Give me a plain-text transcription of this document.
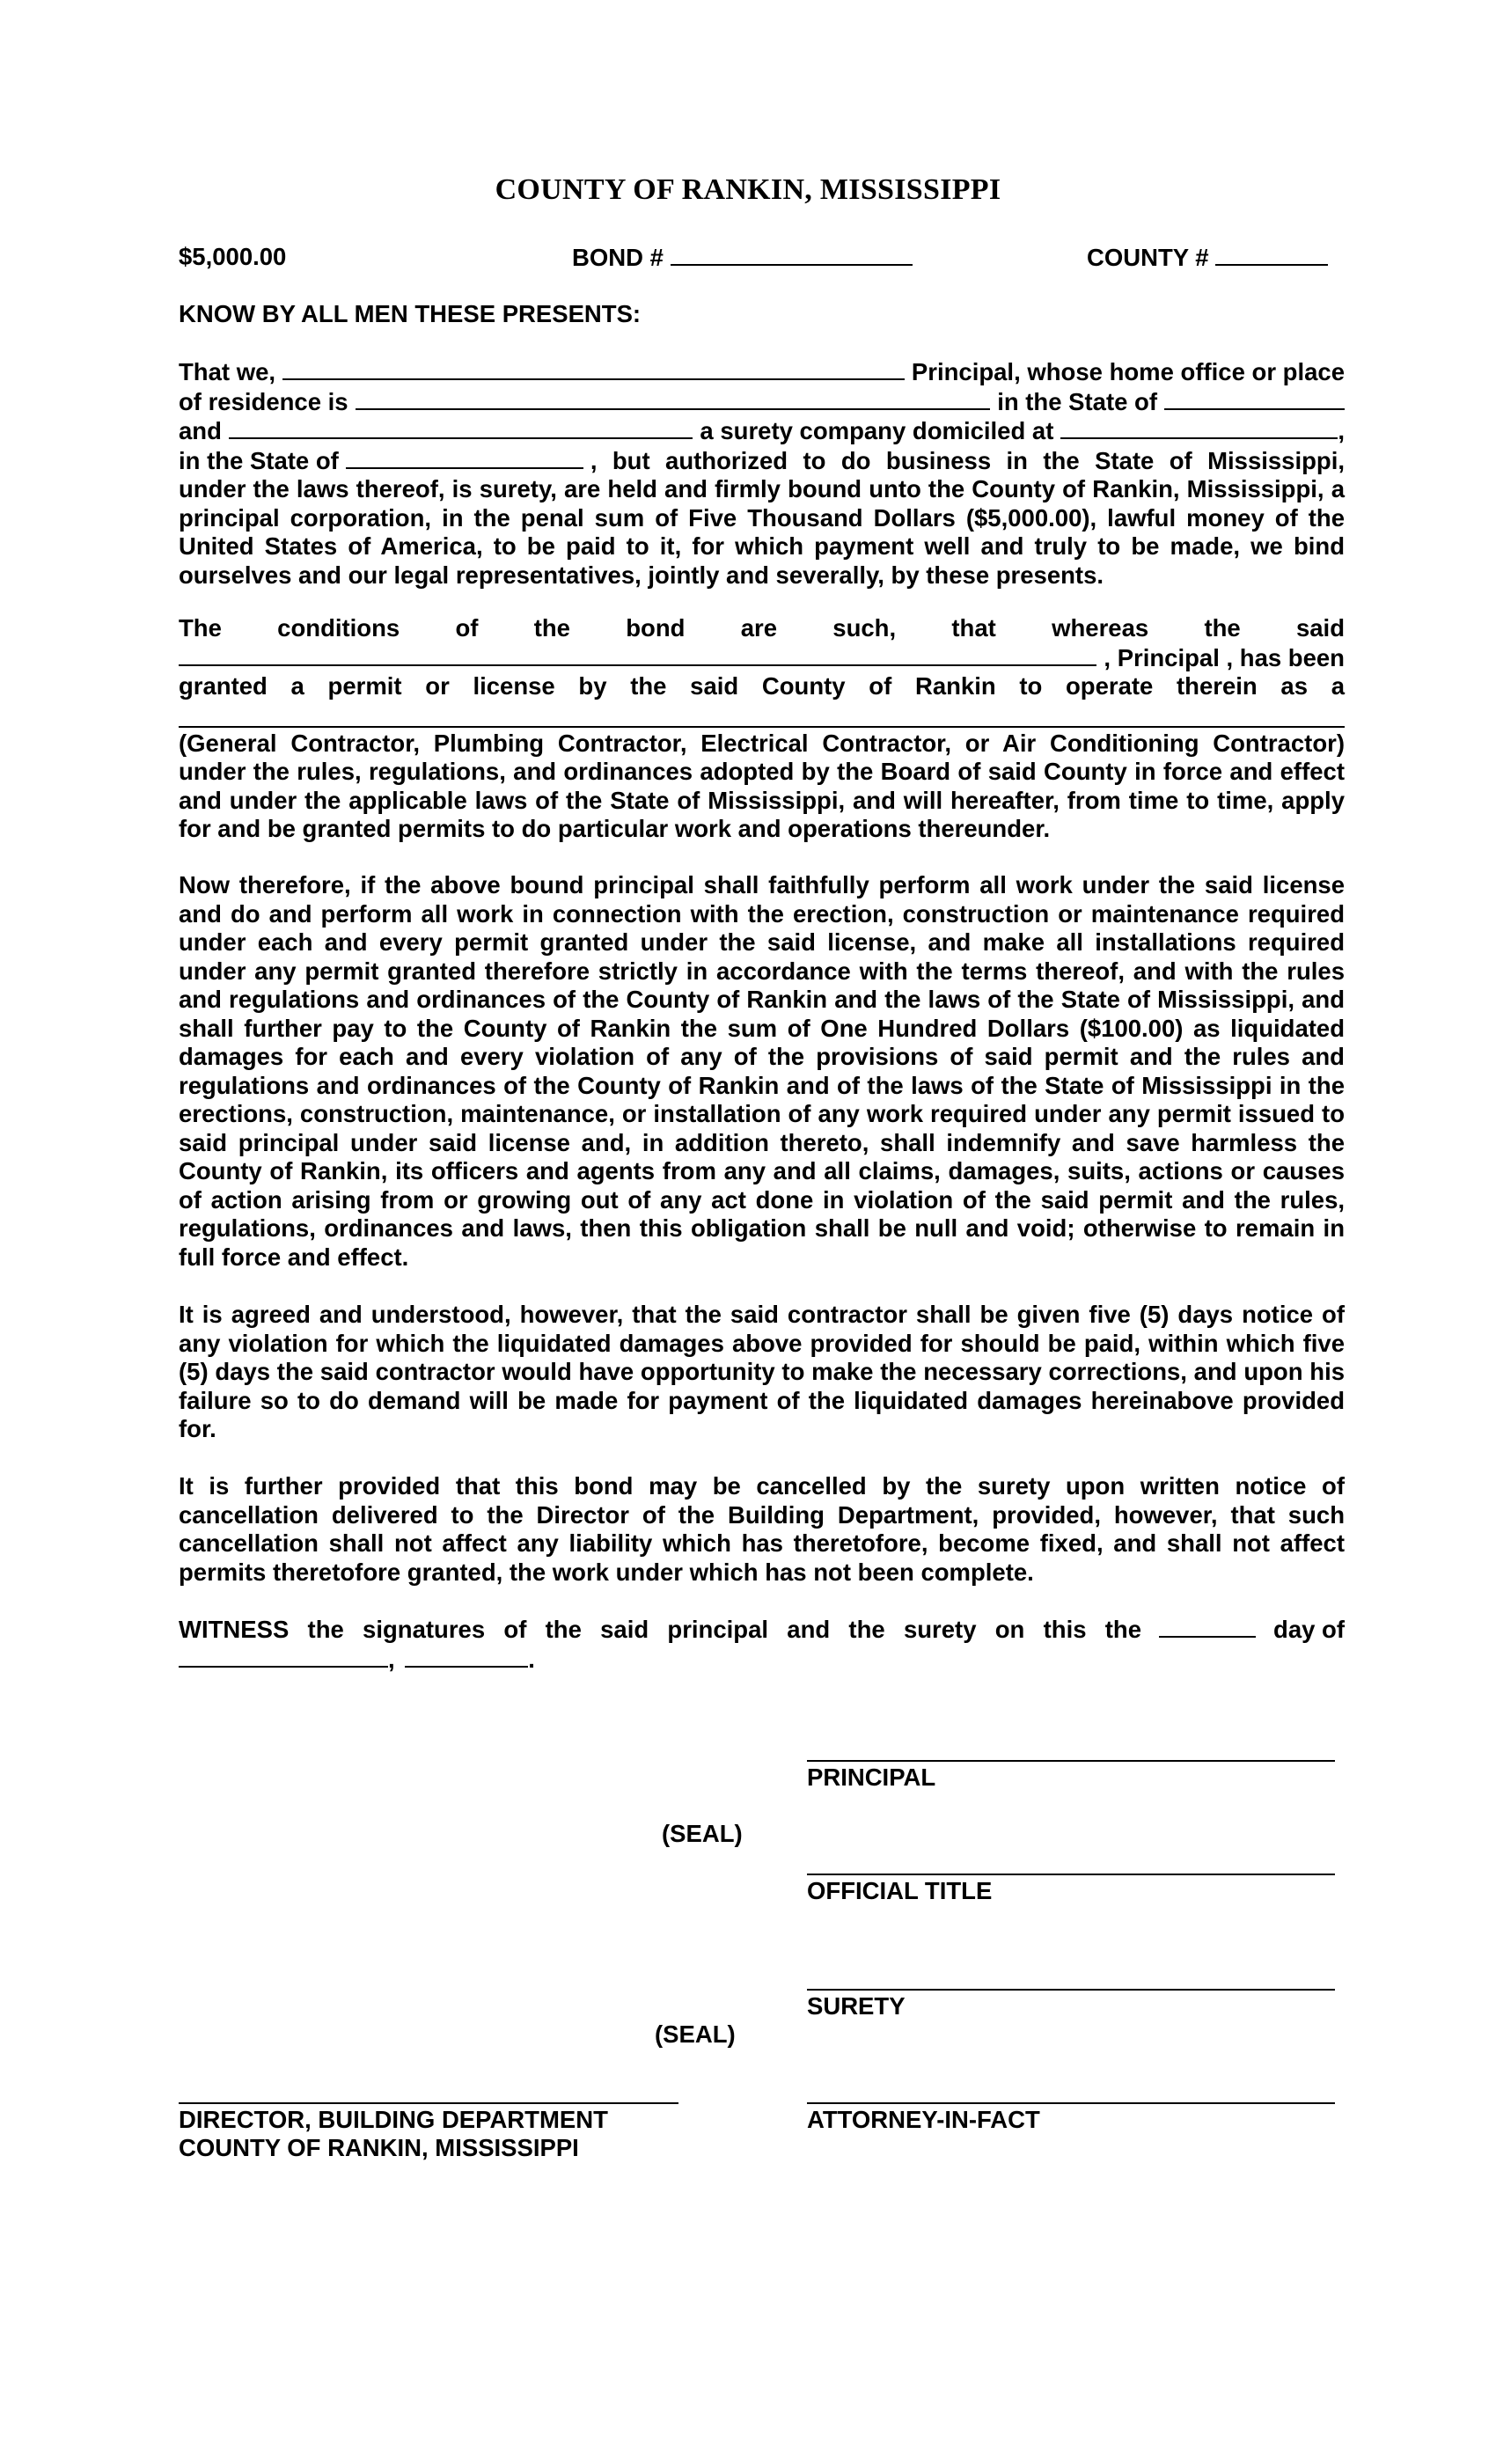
COUNTY OF RANKIN, MISSISSIPPI
$5,000.00	BOND #	COUNTY #
KNOW BY ALL MEN THESE PRESENTS:
That we,	Principal, whose home office or place
of residence is	in the State of
and	a surety company domiciled at	,
in the State of	, but authorized to do business in the State of Mississippi,

under the laws thereof, is surety, are held and firmly bound unto the County of Rankin, Mississippi, a principal corporation, in the penal sum of Five Thousand Dollars ($5,000.00), lawful money of the United States of America, to be paid to it, for which payment well and truly to be made, we bind ourselves and our legal representatives, jointly and severally, by these presents.

The conditions of the bond are such, that whereas the said

, Principal , has been

granted a permit or license by the said County of Rankin to operate therein as a

(General Contractor, Plumbing Contractor, Electrical Contractor, or Air Conditioning Contractor) under the rules, regulations, and ordinances adopted by the Board of said County in force and effect and under the applicable laws of the State of Mississippi, and will hereafter, from time to time, apply for and be granted permits to do particular work and operations thereunder.

Now therefore, if the above bound principal shall faithfully perform all work under the said license and do and perform all work in connection with the erection, construction or maintenance required under each and every permit granted under the said license, and make all installations required under any permit granted therefore strictly in accordance with the terms thereof, and with the rules and regulations and ordinances of the County of Rankin and the laws of the State of Mississippi, and shall further pay to the County of Rankin the sum of One Hundred Dollars ($100.00) as liquidated damages for each and every violation of any of the provisions of said permit and the rules and regulations and ordinances of the County of Rankin and of the laws of the State of Mississippi in the erections, construction, maintenance, or installation of any work required under any permit issued to said principal under said license and, in addition thereto, shall indemnify and save harmless the County of Rankin, its officers and agents from any and all claims, damages, suits, actions or causes of action arising from or growing out of any act done in violation of the said permit and the rules, regulations, ordinances and laws, then this obligation shall be null and void; otherwise to remain in full force and effect.

It is agreed and understood, however, that the said contractor shall be given five (5) days notice of any violation for which the liquidated damages above provided for should be paid, within which five (5) days the said contractor would have opportunity to make the necessary corrections, and upon his failure so to do demand will be made for payment of the liquidated damages hereinabove provided for.

It is further provided that this bond may be cancelled by the surety upon written notice of cancellation delivered to the Director of the Building Department, provided, however, that such cancellation shall not affect any liability which has theretofore, become fixed, and shall not affect permits theretofore granted, the work under which has not been complete.

WITNESS the signatures of the said principal and the surety on this the	day of
,	.
PRINCIPAL
(SEAL)
OFFICIAL TITLE
SURETY
(SEAL)
DIRECTOR, BUILDING DEPARTMENT
COUNTY OF RANKIN, MISSISSIPPI
ATTORNEY-IN-FACT
